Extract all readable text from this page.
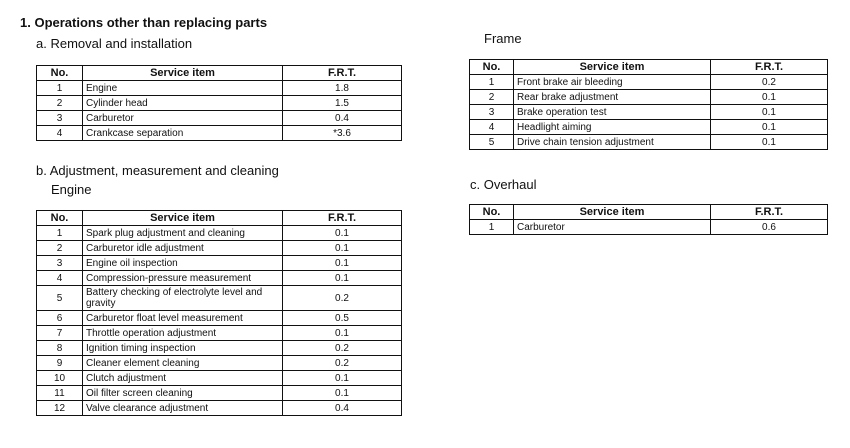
1. Operations other than replacing parts
a. Removal and installation
No.	Service item	F.R.T.
1	Engine	1.8
2	Cylinder head	1.5
3	Carburetor	0.4
4	Crankcase separation	*3.6
b. Adjustment, measurement and cleaning
Engine
No.	Service item	F.R.T.
1	Spark plug adjustment and cleaning	0.1
2	Carburetor idle adjustment	0.1
3	Engine oil inspection	0.1
4	Compression-pressure measurement	0.1
5	Battery checking of electrolyte level and gravity	0.2
6	Carburetor float level measurement	0.5
7	Throttle operation adjustment	0.1
8	Ignition timing inspection	0.2
9	Cleaner element cleaning	0.2
10	Clutch adjustment	0.1
11	Oil filter screen cleaning	0.1
12	Valve clearance adjustment	0.4
Frame
No.	Service item	F.R.T.
1	Front brake air bleeding	0.2
2	Rear brake adjustment	0.1
3	Brake operation test	0.1
4	Headlight aiming	0.1
5	Drive chain tension adjustment	0.1
c. Overhaul
No.	Service item	F.R.T.
1	Carburetor	0.6
